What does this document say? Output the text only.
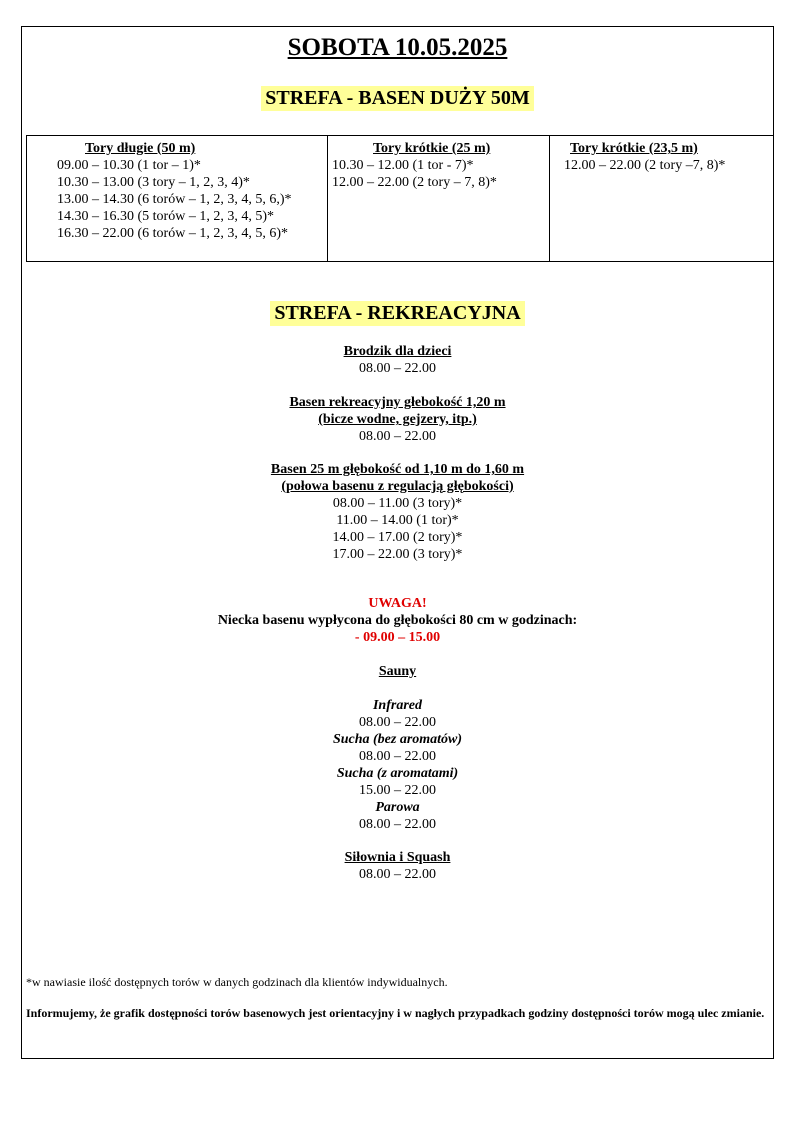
SOBOTA 10.05.2025
STREFA - BASEN DUŻY 50M
Tory długie (50 m)
09.00 – 10.30 (1 tor – 1)*
10.30 – 13.00 (3 tory – 1, 2, 3, 4)*
13.00 – 14.30 (6 torów – 1, 2, 3, 4, 5, 6,)*
14.30 – 16.30 (5 torów – 1, 2, 3, 4, 5)*
16.30 – 22.00 (6 torów – 1, 2, 3, 4, 5, 6)*
Tory krótkie (25 m)
10.30 – 12.00 (1 tor - 7)*
12.00 – 22.00 (2 tory – 7, 8)*
Tory krótkie (23,5 m)
12.00 – 22.00 (2 tory –7, 8)*
STREFA - REKREACYJNA
Brodzik dla dzieci
08.00 – 22.00
Basen rekreacyjny głebokość 1,20 m
(bicze wodne, gejzery, itp.)
08.00 – 22.00
Basen 25 m głębokość od 1,10 m do 1,60 m
(połowa basenu z regulacją głębokości)
08.00 – 11.00 (3 tory)*
11.00 – 14.00 (1 tor)*
14.00 – 17.00 (2 tory)*
17.00 – 22.00 (3 tory)*
UWAGA!
Niecka basenu wypłycona do głębokości 80 cm w godzinach:
- 09.00 – 15.00
Sauny
Infrared
08.00 – 22.00
Sucha (bez aromatów)
08.00 – 22.00
Sucha (z aromatami)
15.00 – 22.00
Parowa
08.00 – 22.00
Siłownia i Squash
08.00 – 22.00
*w nawiasie ilość dostępnych torów w danych godzinach dla klientów indywidualnych.
Informujemy, że grafik dostępności torów basenowych jest orientacyjny i w nagłych przypadkach godziny dostępności torów mogą ulec zmianie.
